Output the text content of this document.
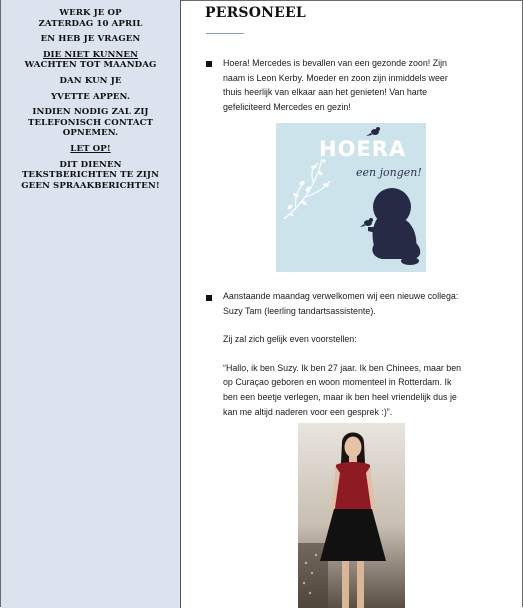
WERK JE OP

ZATERDAG 10 APRIL

EN HEB JE VRAGEN

DIE NIET KUNNEN

WACHTEN TOT MAANDAG

DAN KUN JE

YVETTE APPEN.

INDIEN NODIG ZAL ZIJ

TELEFONISCH CONTACT

OPNEMEN.

LET OP!

DIT DIENEN

TEKSTBERICHTEN TE ZIJN

GEEN SPRAAKBERICHTEN!

PERSONEEL
Hoera! Mercedes is bevallen van een gezonde zoon! Zijn
naam is Leon Kerby. Moeder en zoon zijn inmiddels weer
thuis heerlijk van elkaar aan het genieten! Van harte
gefeliciteerd Mercedes en gezin!
HOERA
een jongen!
Aanstaande maandag verwelkomen wij een nieuwe collega:
Suzy Tam (leerling tandartsassistente).
Zij zal zich gelijk even voorstellen:
“Hallo, ik ben Suzy. Ik ben 27 jaar. Ik ben Chinees, maar ben
op Curaçao geboren en woon momenteel in Rotterdam. Ik
ben een beetje verlegen, maar ik ben heel vriendelijk dus je
kan me altijd naderen voor een gesprek :)”.
